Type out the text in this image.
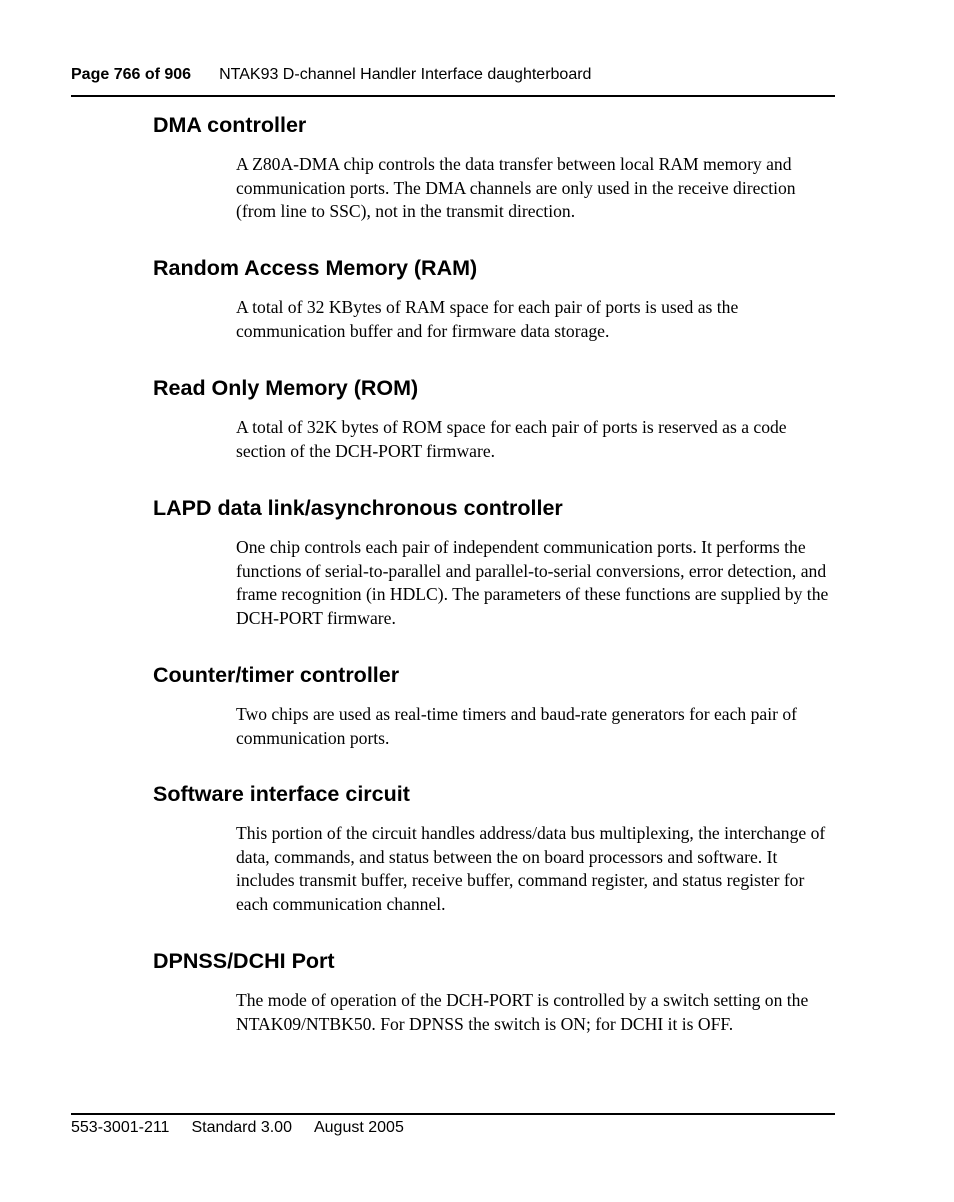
Page 766 of 906 NTAK93 D-channel Handler Interface daughterboard
DMA controller

A Z80A-DMA chip controls the data transfer between local RAM memory and communication ports. The DMA channels are only used in the receive direction (from line to SSC), not in the transmit direction.

Random Access Memory (RAM)

A total of 32 KBytes of RAM space for each pair of ports is used as the communication buffer and for firmware data storage.

Read Only Memory (ROM)

A total of 32K bytes of ROM space for each pair of ports is reserved as a code section of the DCH-PORT firmware.

LAPD data link/asynchronous controller

One chip controls each pair of independent communication ports. It performs the functions of serial-to-parallel and parallel-to-serial conversions, error detection, and frame recognition (in HDLC). The parameters of these functions are supplied by the DCH-PORT firmware.

Counter/timer controller

Two chips are used as real-time timers and baud-rate generators for each pair of communication ports.

Software interface circuit

This portion of the circuit handles address/data bus multiplexing, the interchange of data, commands, and status between the on board processors and software. It includes transmit buffer, receive buffer, command register, and status register for each communication channel.

DPNSS/DCHI Port

The mode of operation of the DCH-PORT is controlled by a switch setting on the NTAK09/NTBK50. For DPNSS the switch is ON; for DCHI it is OFF.

553-3001-211 Standard 3.00 August 2005
